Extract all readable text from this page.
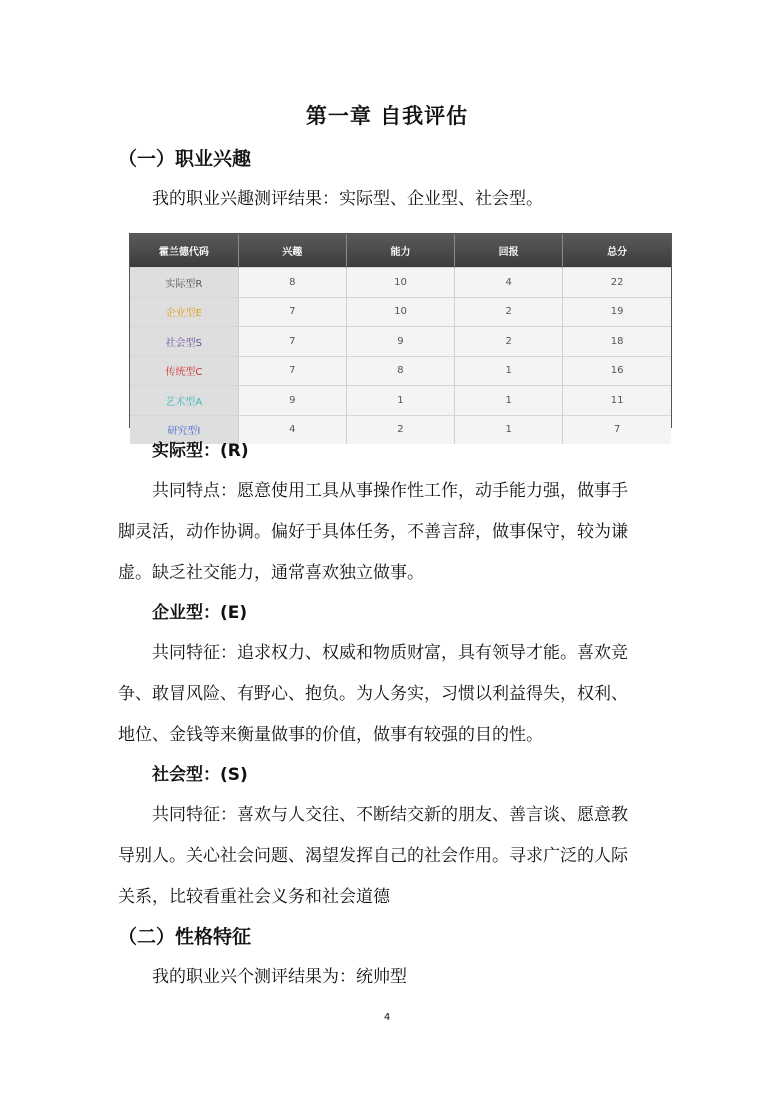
第一章 自我评估
（一）职业兴趣
我的职业兴趣测评结果：实际型、企业型、社会型。
霍兰德代码	兴趣	能力	回报	总分
实际型R	8	10	4	22
企业型E	7	10	2	19
社会型S	7	9	2	18
传统型C	7	8	1	16
艺术型A	9	1	1	11
研究型I	4	2	1	7
实际型：(R)
共同特点：愿意使用工具从事操作性工作，动手能力强，做事手
脚灵活，动作协调。偏好于具体任务，不善言辞，做事保守，较为谦
虚。缺乏社交能力，通常喜欢独立做事。
企业型：(E)
共同特征：追求权力、权威和物质财富，具有领导才能。喜欢竞
争、敢冒风险、有野心、抱负。为人务实，习惯以利益得失，权利、
地位、金钱等来衡量做事的价值，做事有较强的目的性。
社会型：(S)
共同特征：喜欢与人交往、不断结交新的朋友、善言谈、愿意教
导别人。关心社会问题、渴望发挥自己的社会作用。寻求广泛的人际
关系，比较看重社会义务和社会道德
（二）性格特征
我的职业兴个测评结果为：统帅型
4
